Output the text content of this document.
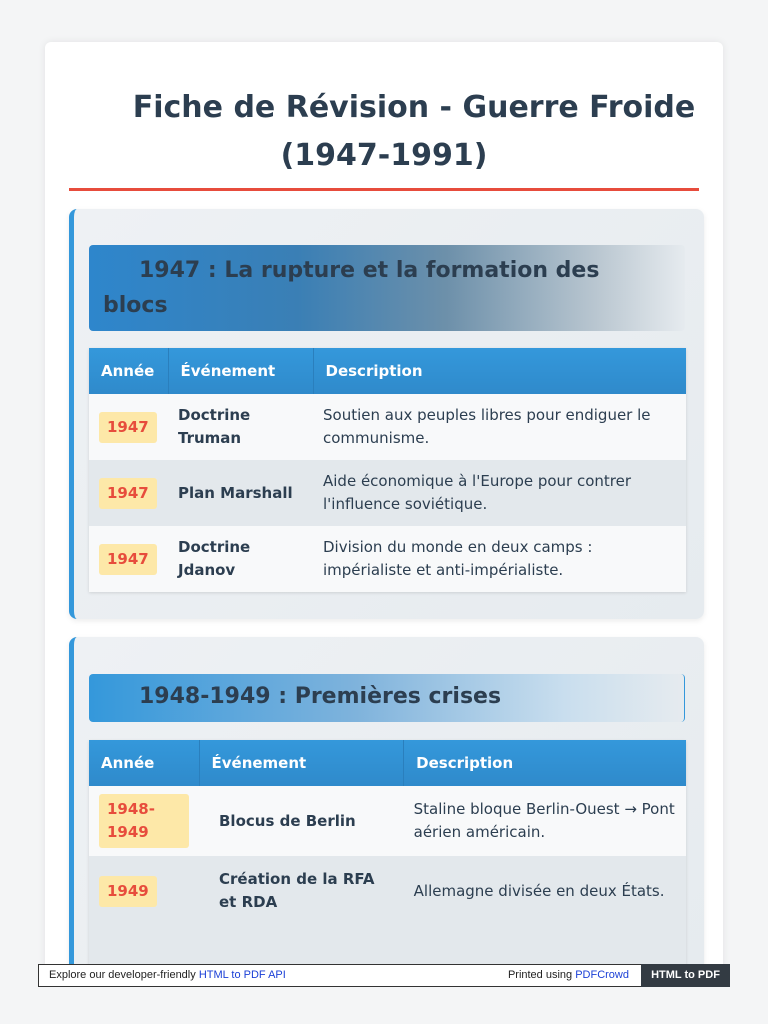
Fiche de Révision - Guerre Froide (1947-1991)
1947 : La rupture et la formation des blocs
Année	Événement	Description
1947	Doctrine Truman	Soutien aux peuples libres pour endiguer le communisme.
1947	Plan Marshall	Aide économique à l'Europe pour contrer l'influence soviétique.
1947	Doctrine Jdanov	Division du monde en deux camps : impérialiste et anti-impérialiste.
1948-1949 : Premières crises
Année	Événement	Description
1948-1949	Blocus de Berlin	Staline bloque Berlin-Ouest → Pont aérien américain.
1949	Création de la RFA et RDA	Allemagne divisée en deux États.

Explore our developer-friendly HTML to PDF API	Printed using PDFCrowd	HTML to PDF
